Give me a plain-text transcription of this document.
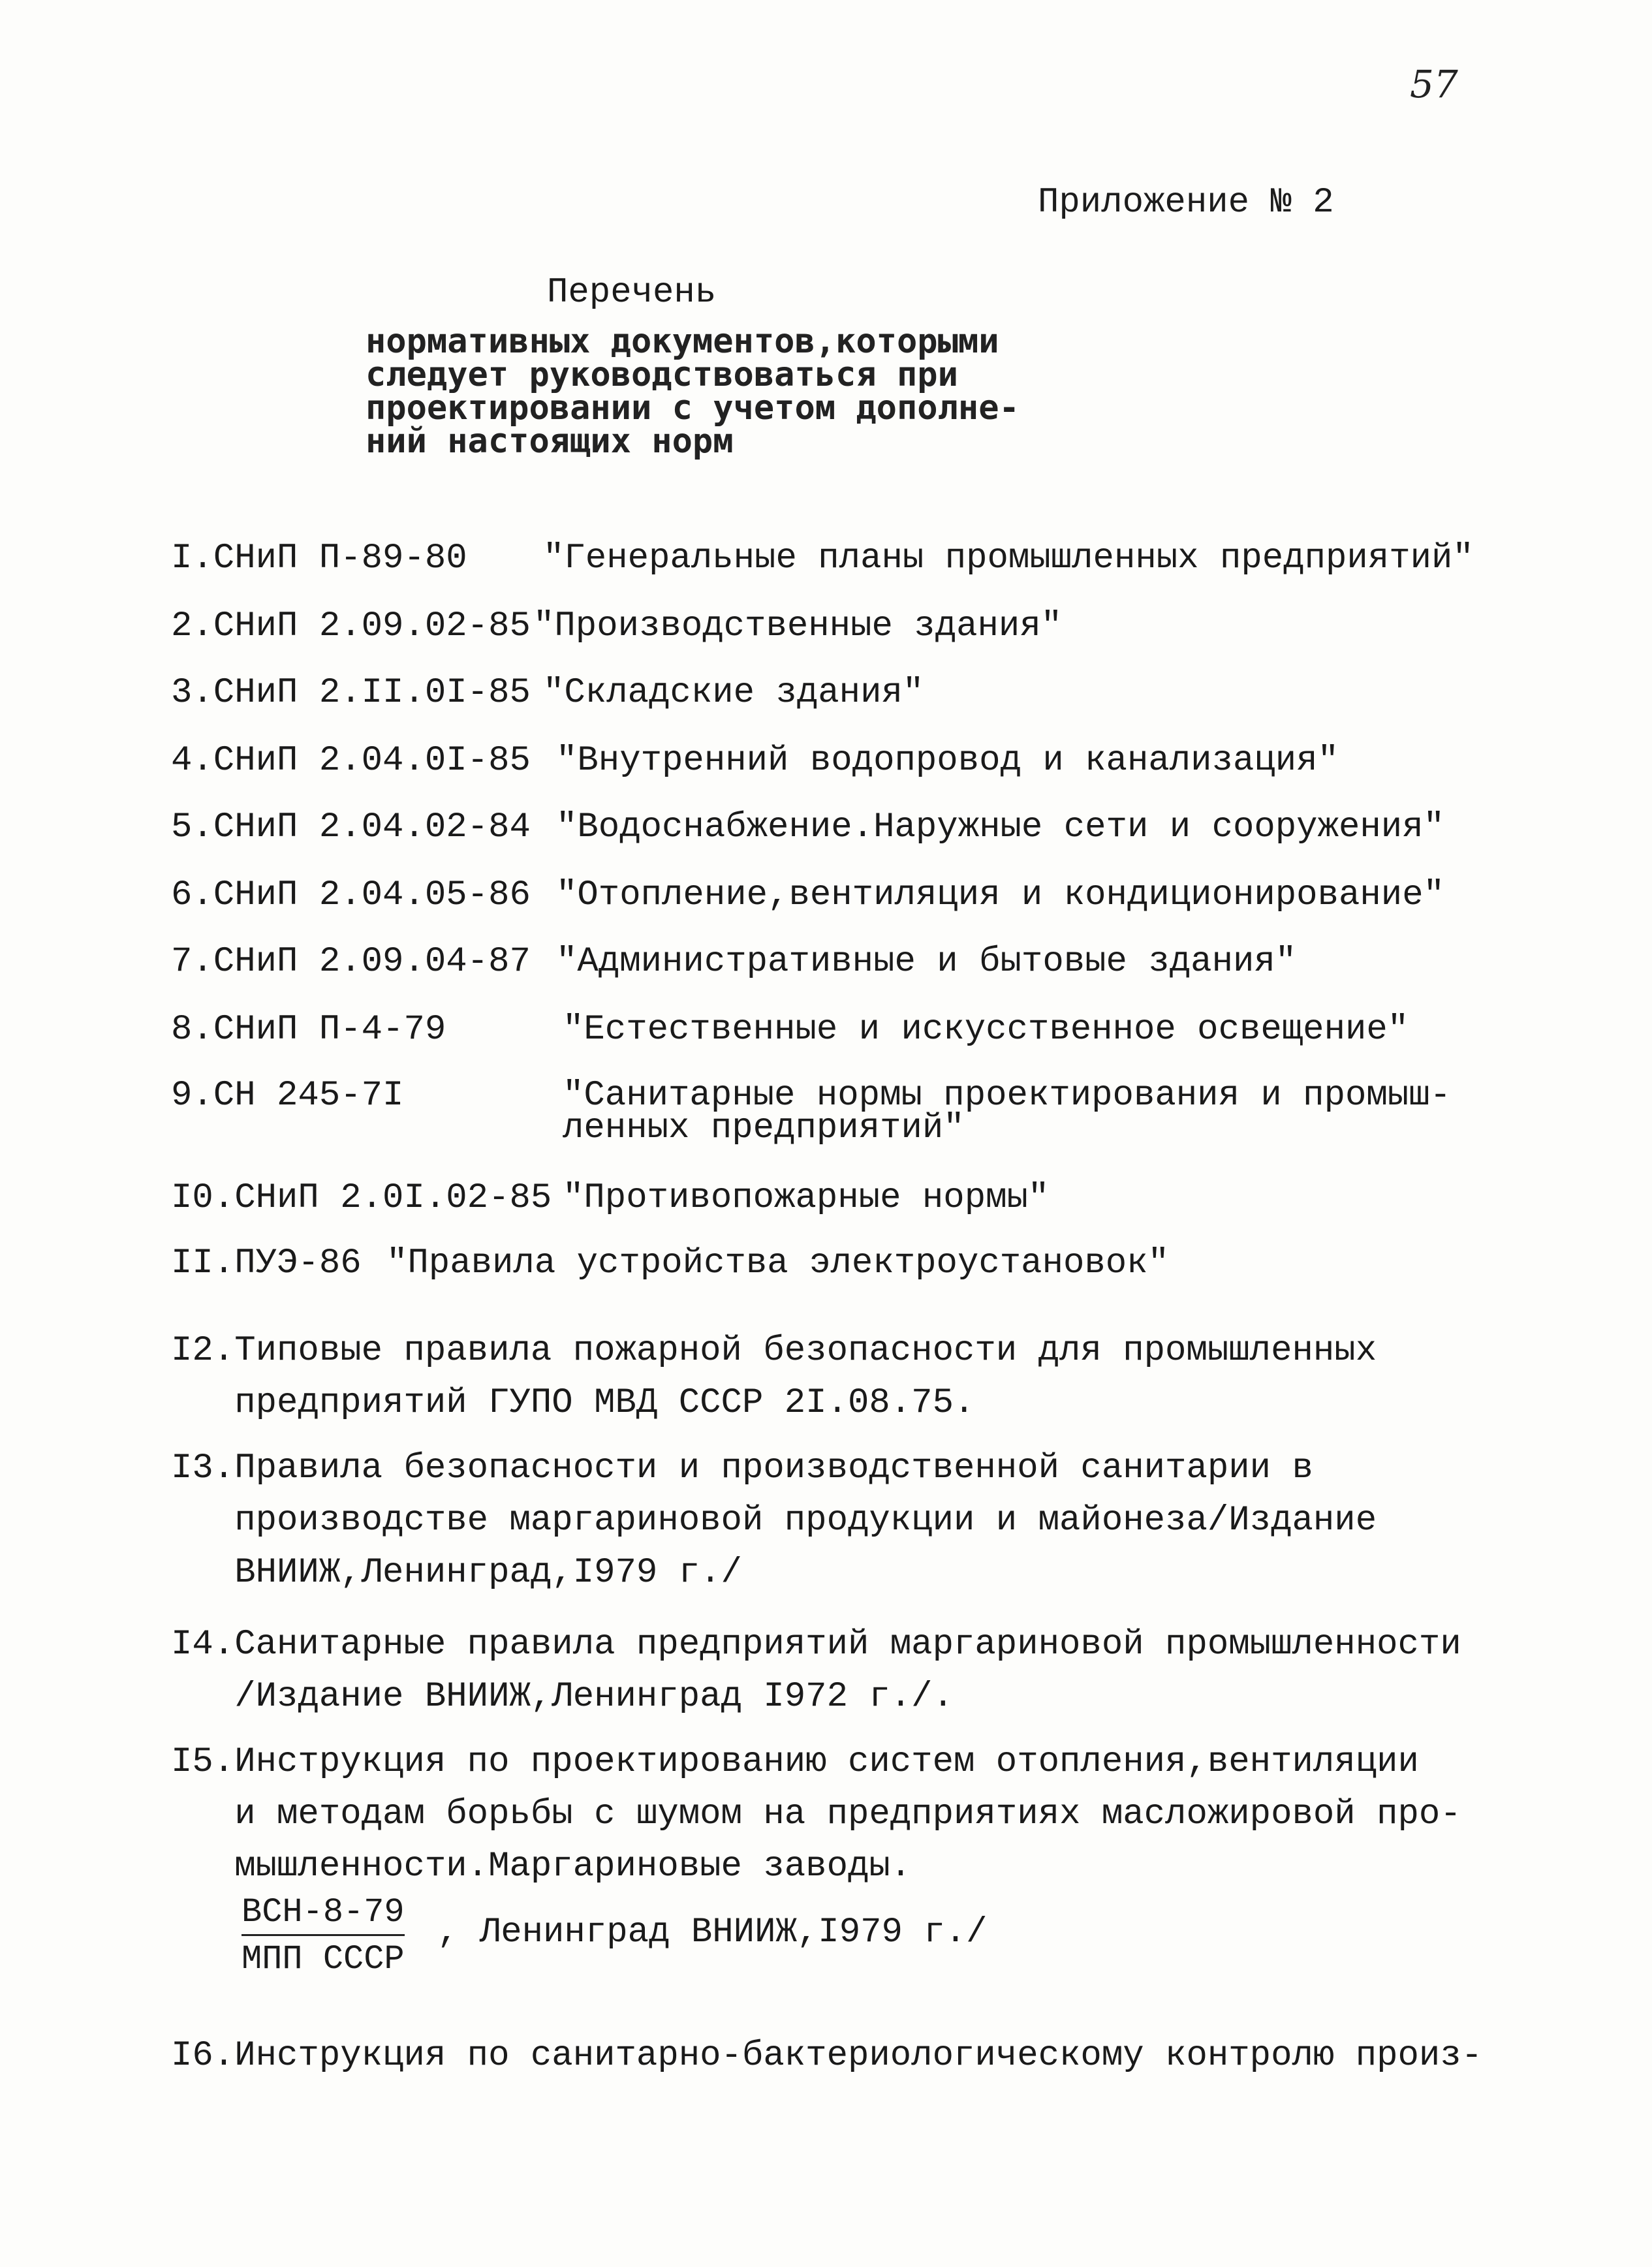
57
Приложение № 2
Перечень
нормативных документов,которыми
следует руководствоваться при
проектировании с учетом дополне-
ний настоящих норм
I.СНиП П-89-80 "Генеральные планы промышленных предприятий"
2.СНиП 2.09.02-85 "Производственные здания"
3.СНиП 2.II.0I-85 "Складские здания"
4.СНиП 2.04.0I-85 "Внутренний водопровод и канализация"
5.СНиП 2.04.02-84 "Водоснабжение.Наружные сети и сооружения"
6.СНиП 2.04.05-86 "Отопление,вентиляция и кондиционирование"
7.СНиП 2.09.04-87 "Административные и бытовые здания"
8.СНиП П-4-79	"Естественные и искусственное освещение"
9.СН 245-7I	"Санитарные нормы проектирования и промыш-
ленных предприятий"
I0.СНиП 2.0I.02-85 "Противопожарные нормы"
II.ПУЭ-86 "Правила устройства электроустановок"
I2.Типовые правила пожарной безопасности для промышленных
предприятий ГУПО МВД СССР 2I.08.75.
I3.Правила безопасности и производственной санитарии в
производстве маргариновой продукции и майонеза/Издание
ВНИИЖ,Ленинград,I979 г./
I4.Санитарные правила предприятий маргариновой промышленности
/Издание ВНИИЖ,Ленинград I972 г./.
I5.Инструкция по проектированию систем отопления,вентиляции
и методам борьбы с шумом на предприятиях масложировой про-
мышленности.Маргариновые заводы.
ВСН-8-79
МПП СССР
, Ленинград ВНИИЖ,I979 г./
I6.Инструкция по санитарно-бактериологическому контролю произ-
